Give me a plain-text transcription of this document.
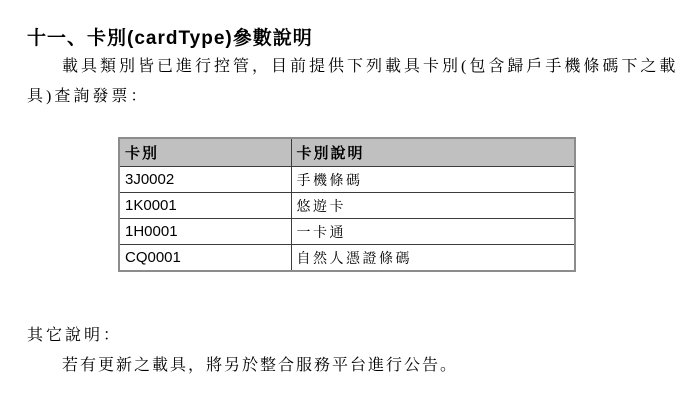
十一、卡別(cardType)參數說明
載具類別皆已進行控管，目前提供下列載具卡別(包含歸戶手機條碼下之載
具)查詢發票：
卡別	卡別說明
3J0002	手機條碼
1K0001	悠遊卡
1H0001	一卡通
CQ0001	自然人憑證條碼
其它說明：
若有更新之載具，將另於整合服務平台進行公告。
